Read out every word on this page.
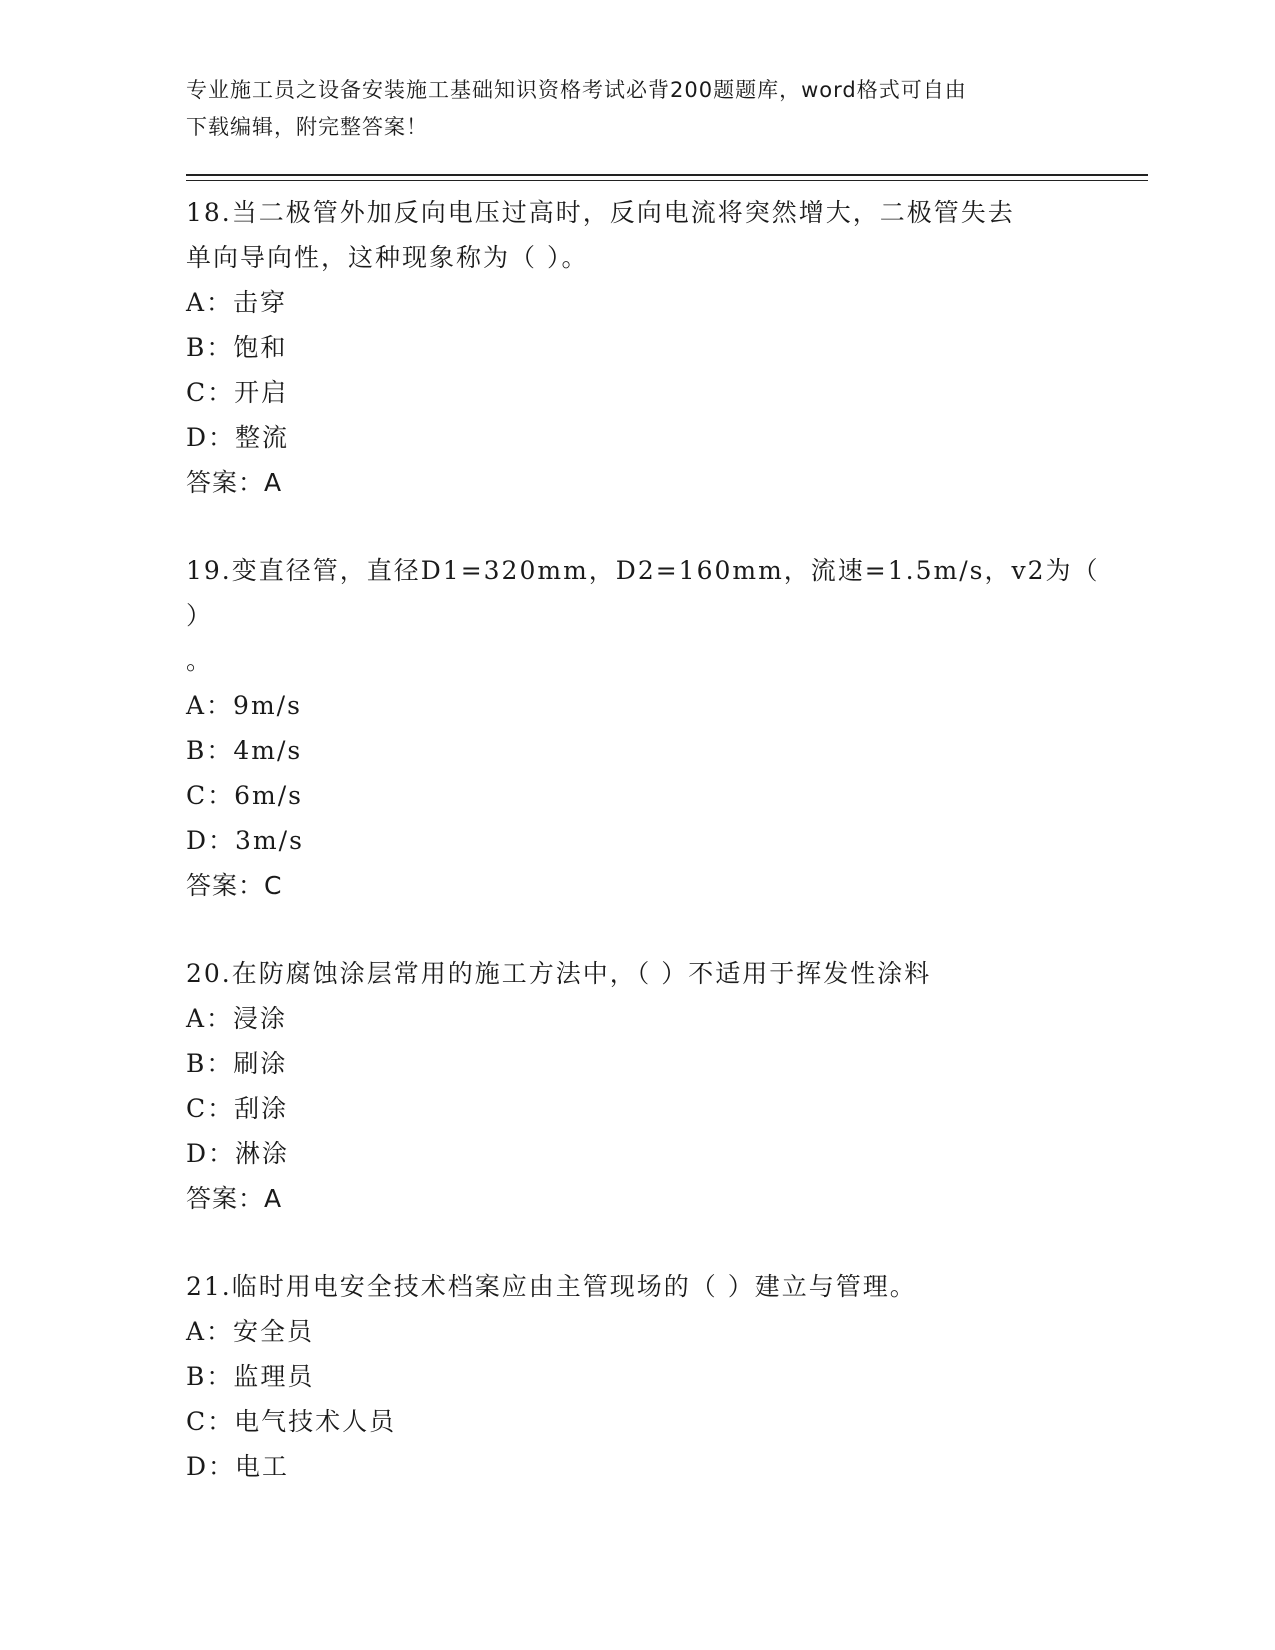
专业施工员之设备安装施工基础知识资格考试必背200题题库，word格式可自由
下载编辑，附完整答案！

18.当二极管外加反向电压过高时，反向电流将突然增大，二极管失去

单向导向性，这种现象称为（ ）。

A：击穿

B：饱和

C：开启

D：整流

答案：A

19.变直径管，直径D1=320mm，D2=160mm，流速=1.5m/s，v2为（ ）

。

A：9m/s

B：4m/s

C：6m/s

D：3m/s

答案：C

20.在防腐蚀涂层常用的施工方法中，（ ）不适用于挥发性涂料

A：浸涂

B：刷涂

C：刮涂

D：淋涂

答案：A

21.临时用电安全技术档案应由主管现场的（ ）建立与管理。

A：安全员

B：监理员

C：电气技术人员

D：电工
